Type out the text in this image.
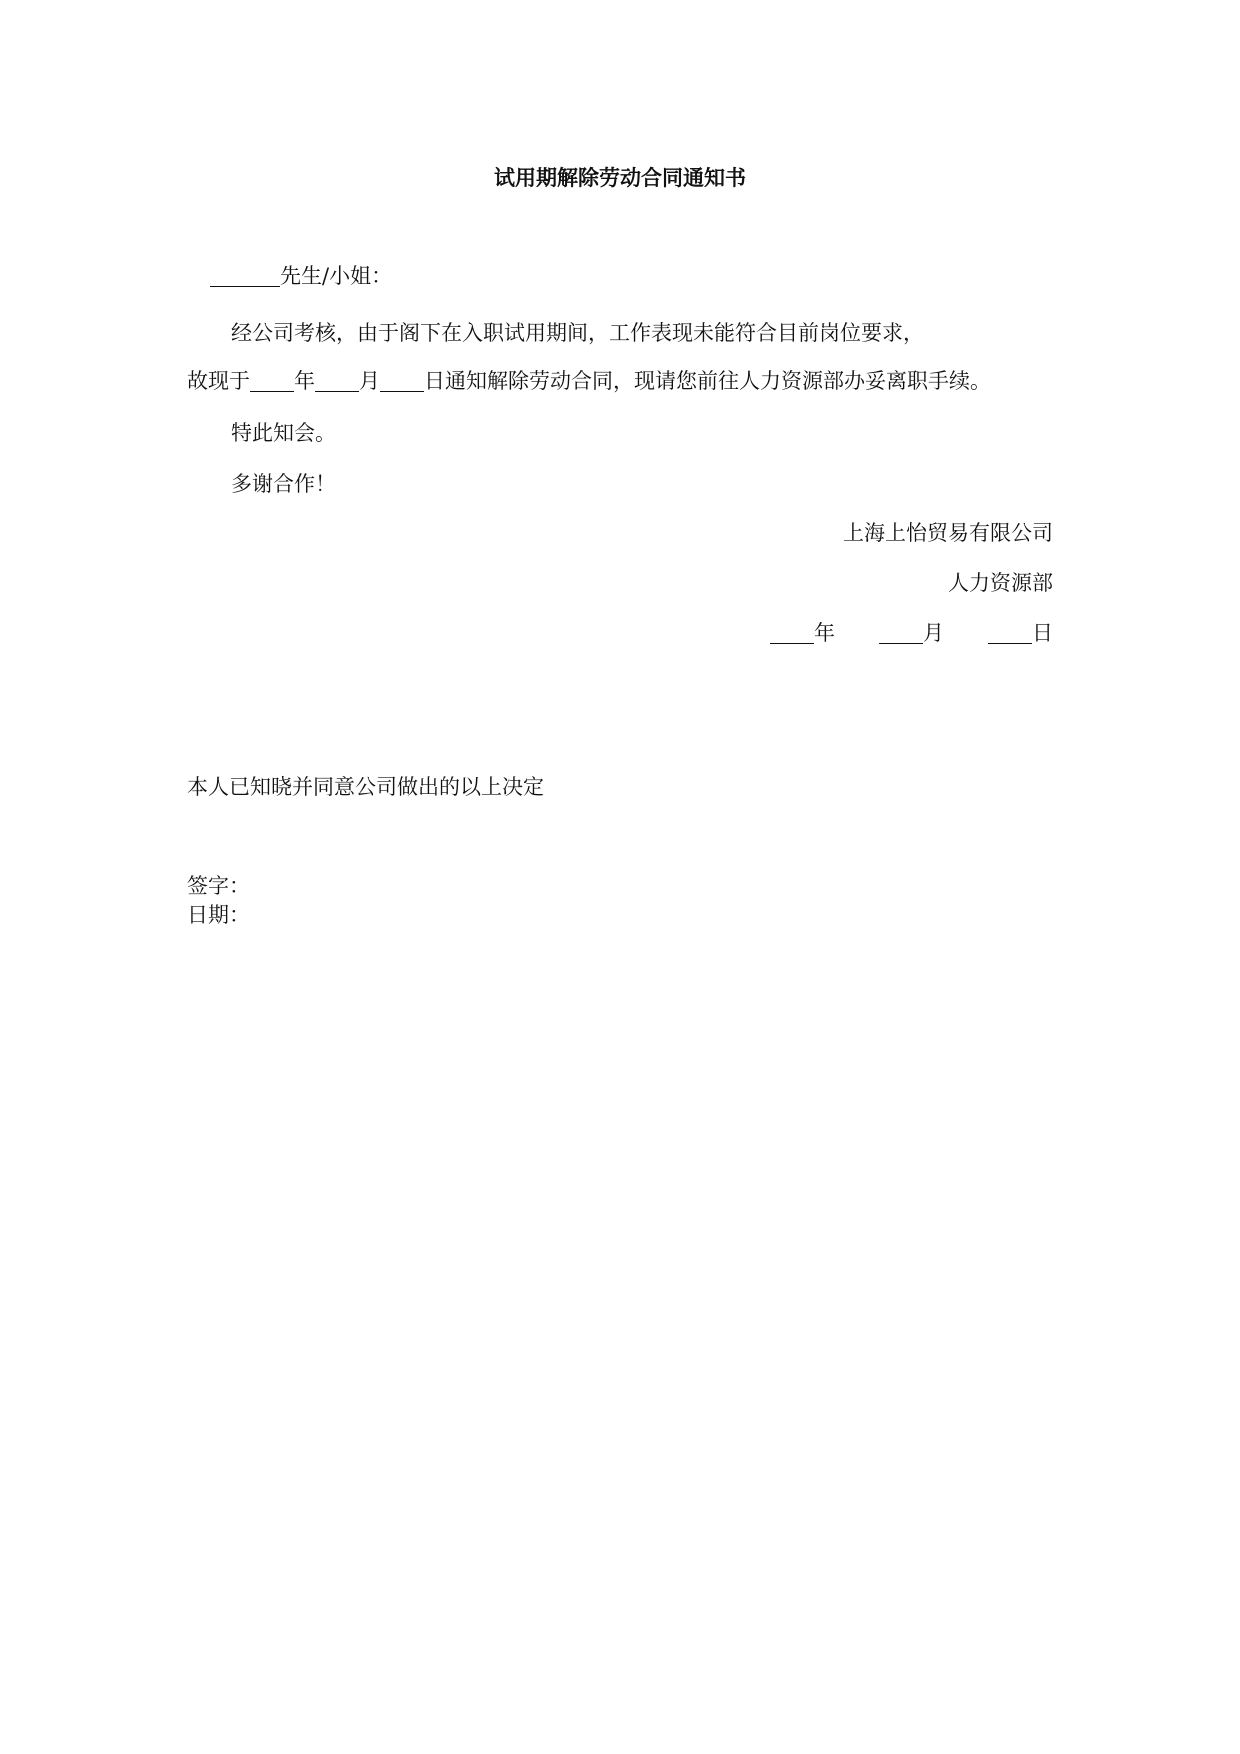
试用期解除劳动合同通知书
先生/小姐：
经公司考核，由于阁下在入职试用期间，工作表现未能符合目前岗位要求，
故现于 年 月 日通知解除劳动合同，现请您前往人力资源部办妥离职手续。
特此知会。
多谢合作！
上海上怡贸易有限公司
人力资源部
年	月	日
本人已知晓并同意公司做出的以上决定
签字：
日期：
